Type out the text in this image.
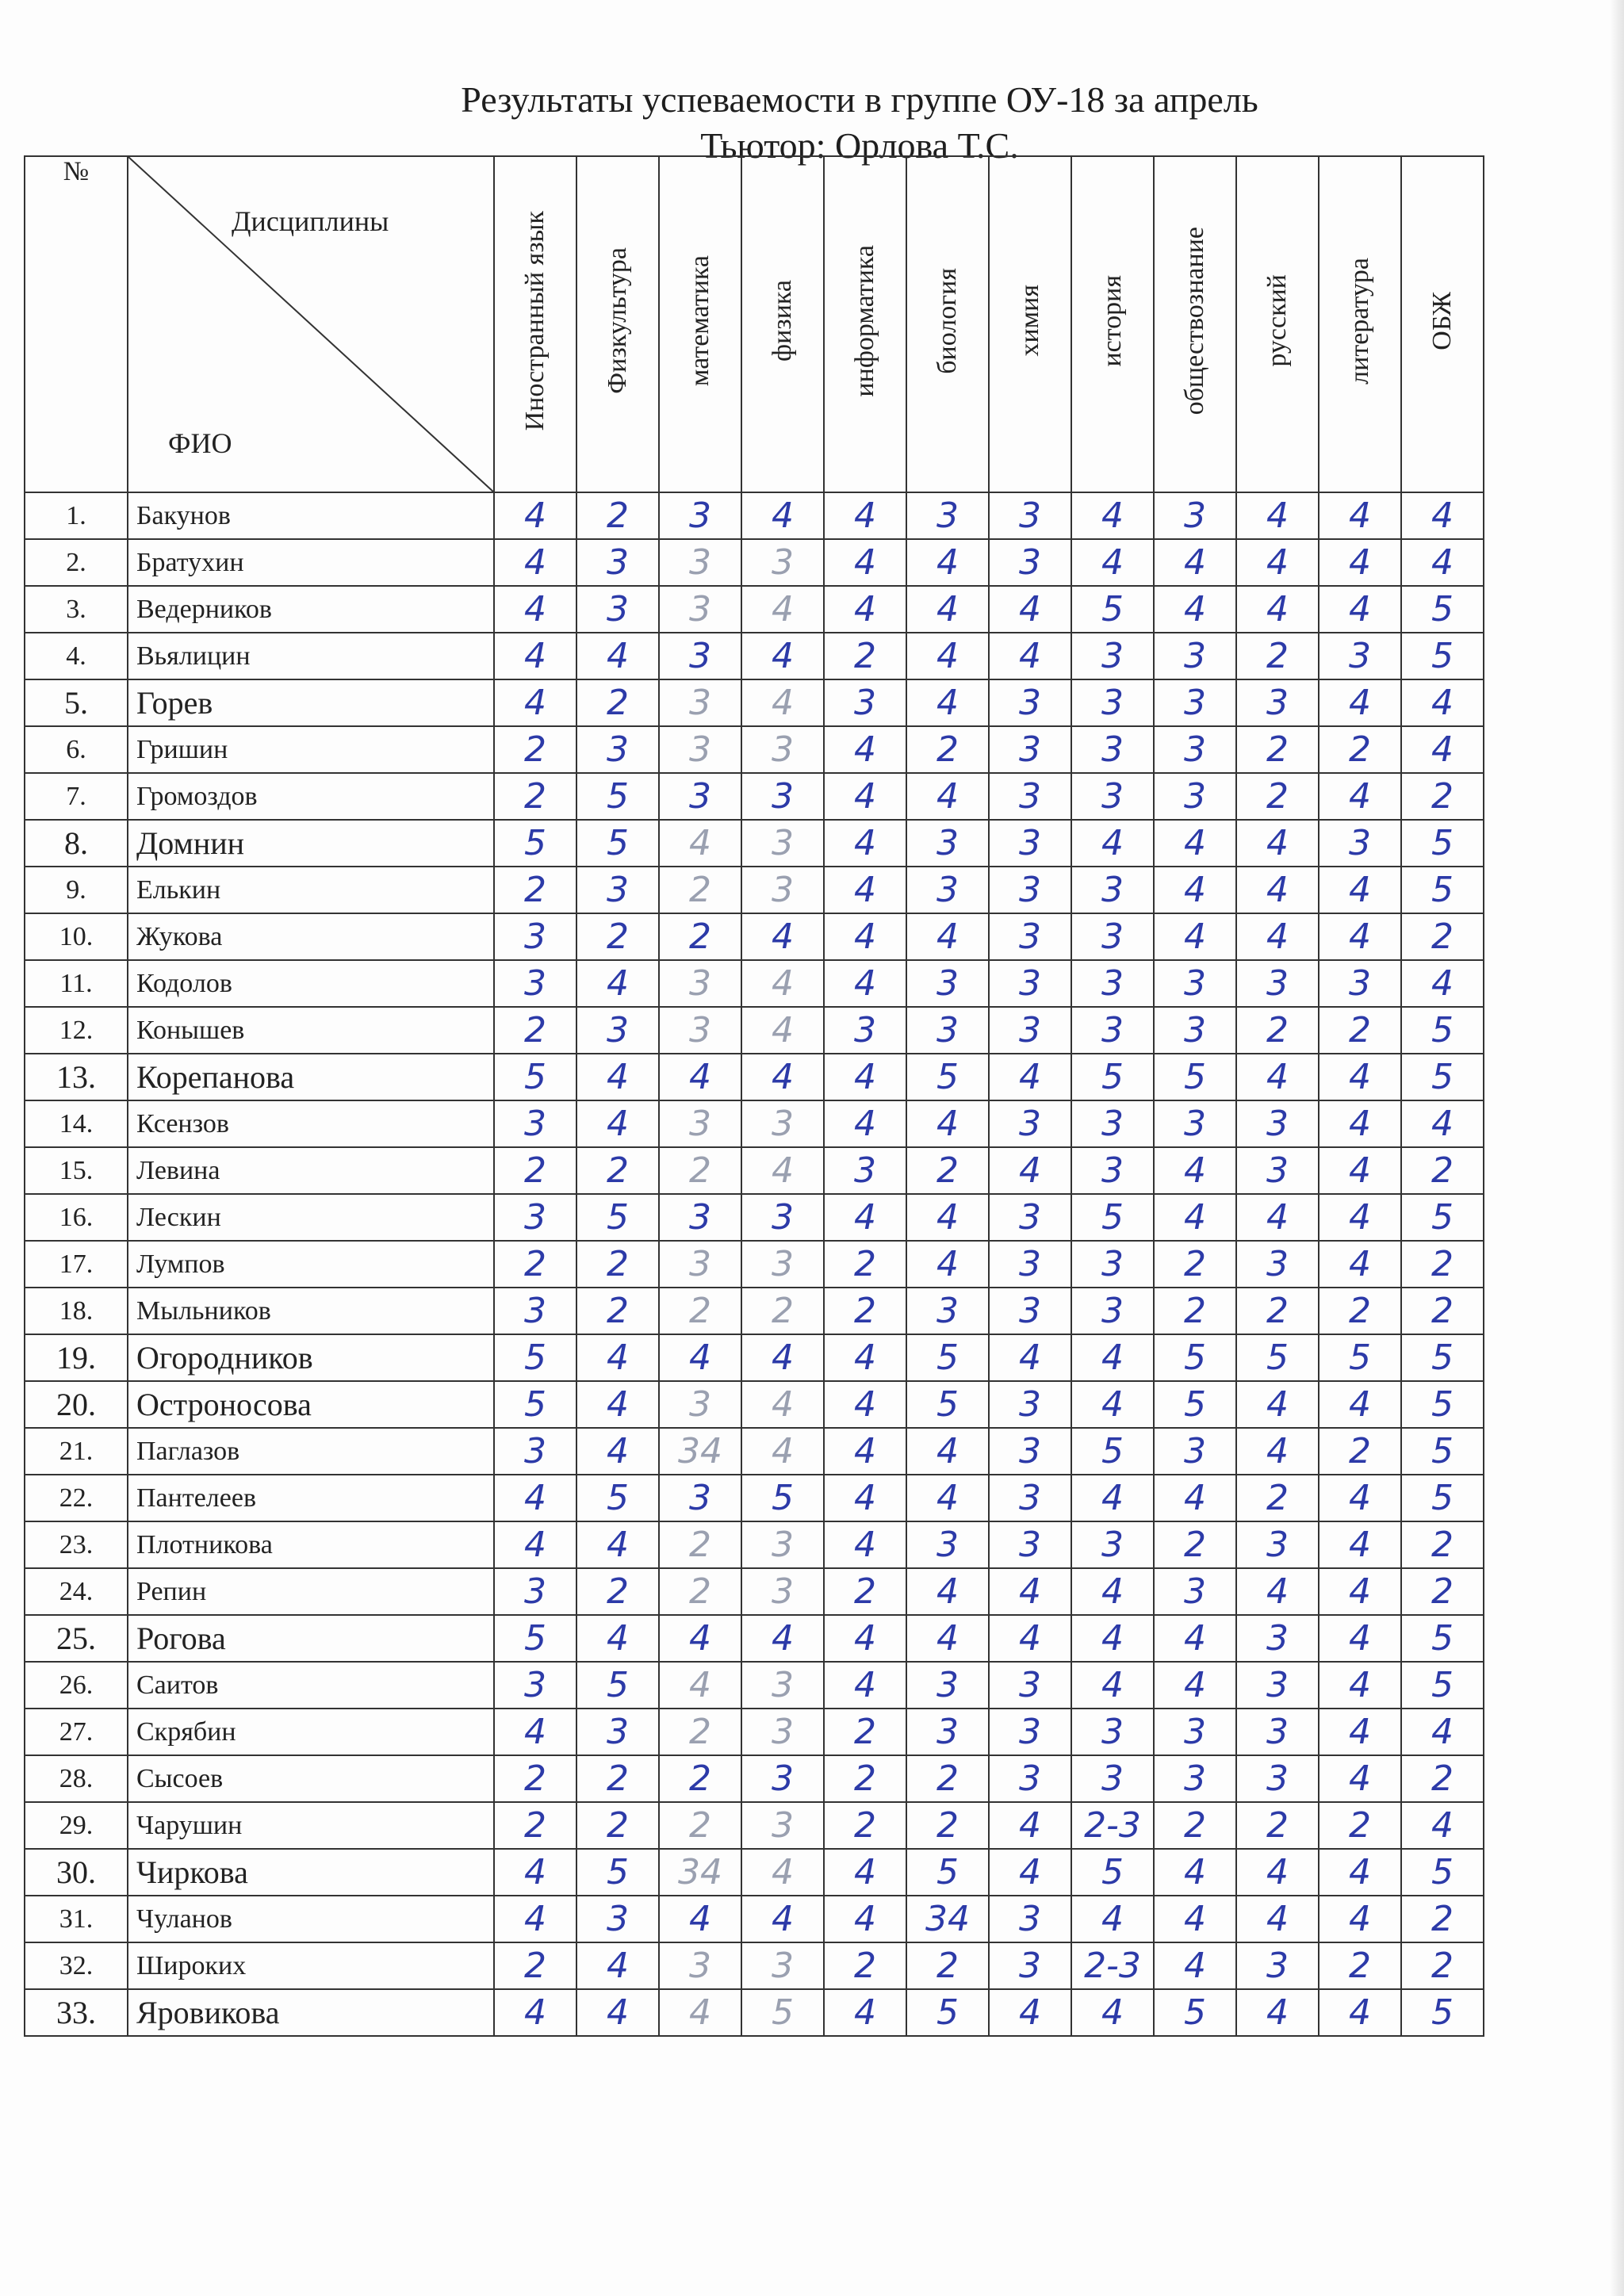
Результаты успеваемости в группе ОУ-18 за апрель
Тьютор: Орлова Т.С.
№	Дисциплины
ФИО	Иностранный язык	Физкультура	математика	физика	информатика	биология	химия	история	обществознание	русский	литература	ОБЖ
1.	Бакунов	4	2	3	4	4	3	3	4	3	4	4	4
2.	Братухин	4	3	3	3	4	4	3	4	4	4	4	4
3.	Ведерников	4	3	3	4	4	4	4	5	4	4	4	5
4.	Вьялицин	4	4	3	4	2	4	4	3	3	2	3	5
5.	Горев	4	2	3	4	3	4	3	3	3	3	4	4
6.	Гришин	2	3	3	3	4	2	3	3	3	2	2	4
7.	Громоздов	2	5	3	3	4	4	3	3	3	2	4	2
8.	Домнин	5	5	4	3	4	3	3	4	4	4	3	5
9.	Елькин	2	3	2	3	4	3	3	3	4	4	4	5
10.	Жукова	3	2	2	4	4	4	3	3	4	4	4	2
11.	Кодолов	3	4	3	4	4	3	3	3	3	3	3	4
12.	Конышев	2	3	3	4	3	3	3	3	3	2	2	5
13.	Корепанова	5	4	4	4	4	5	4	5	5	4	4	5
14.	Ксензов	3	4	3	3	4	4	3	3	3	3	4	4
15.	Левина	2	2	2	4	3	2	4	3	4	3	4	2
16.	Лескин	3	5	3	3	4	4	3	5	4	4	4	5
17.	Лумпов	2	2	3	3	2	4	3	3	2	3	4	2
18.	Мыльников	3	2	2	2	2	3	3	3	2	2	2	2
19.	Огородников	5	4	4	4	4	5	4	4	5	5	5	5
20.	Остроносова	5	4	3	4	4	5	3	4	5	4	4	5
21.	Паглазов	3	4	34	4	4	4	3	5	3	4	2	5
22.	Пантелеев	4	5	3	5	4	4	3	4	4	2	4	5
23.	Плотникова	4	4	2	3	4	3	3	3	2	3	4	2
24.	Репин	3	2	2	3	2	4	4	4	3	4	4	2
25.	Рогова	5	4	4	4	4	4	4	4	4	3	4	5
26.	Саитов	3	5	4	3	4	3	3	4	4	3	4	5
27.	Скрябин	4	3	2	3	2	3	3	3	3	3	4	4
28.	Сысоев	2	2	2	3	2	2	3	3	3	3	4	2
29.	Чарушин	2	2	2	3	2	2	4	2-3	2	2	2	4
30.	Чиркова	4	5	34	4	4	5	4	5	4	4	4	5
31.	Чуланов	4	3	4	4	4	34	3	4	4	4	4	2
32.	Широких	2	4	3	3	2	2	3	2-3	4	3	2	2
33.	Яровикова	4	4	4	5	4	5	4	4	5	4	4	5
